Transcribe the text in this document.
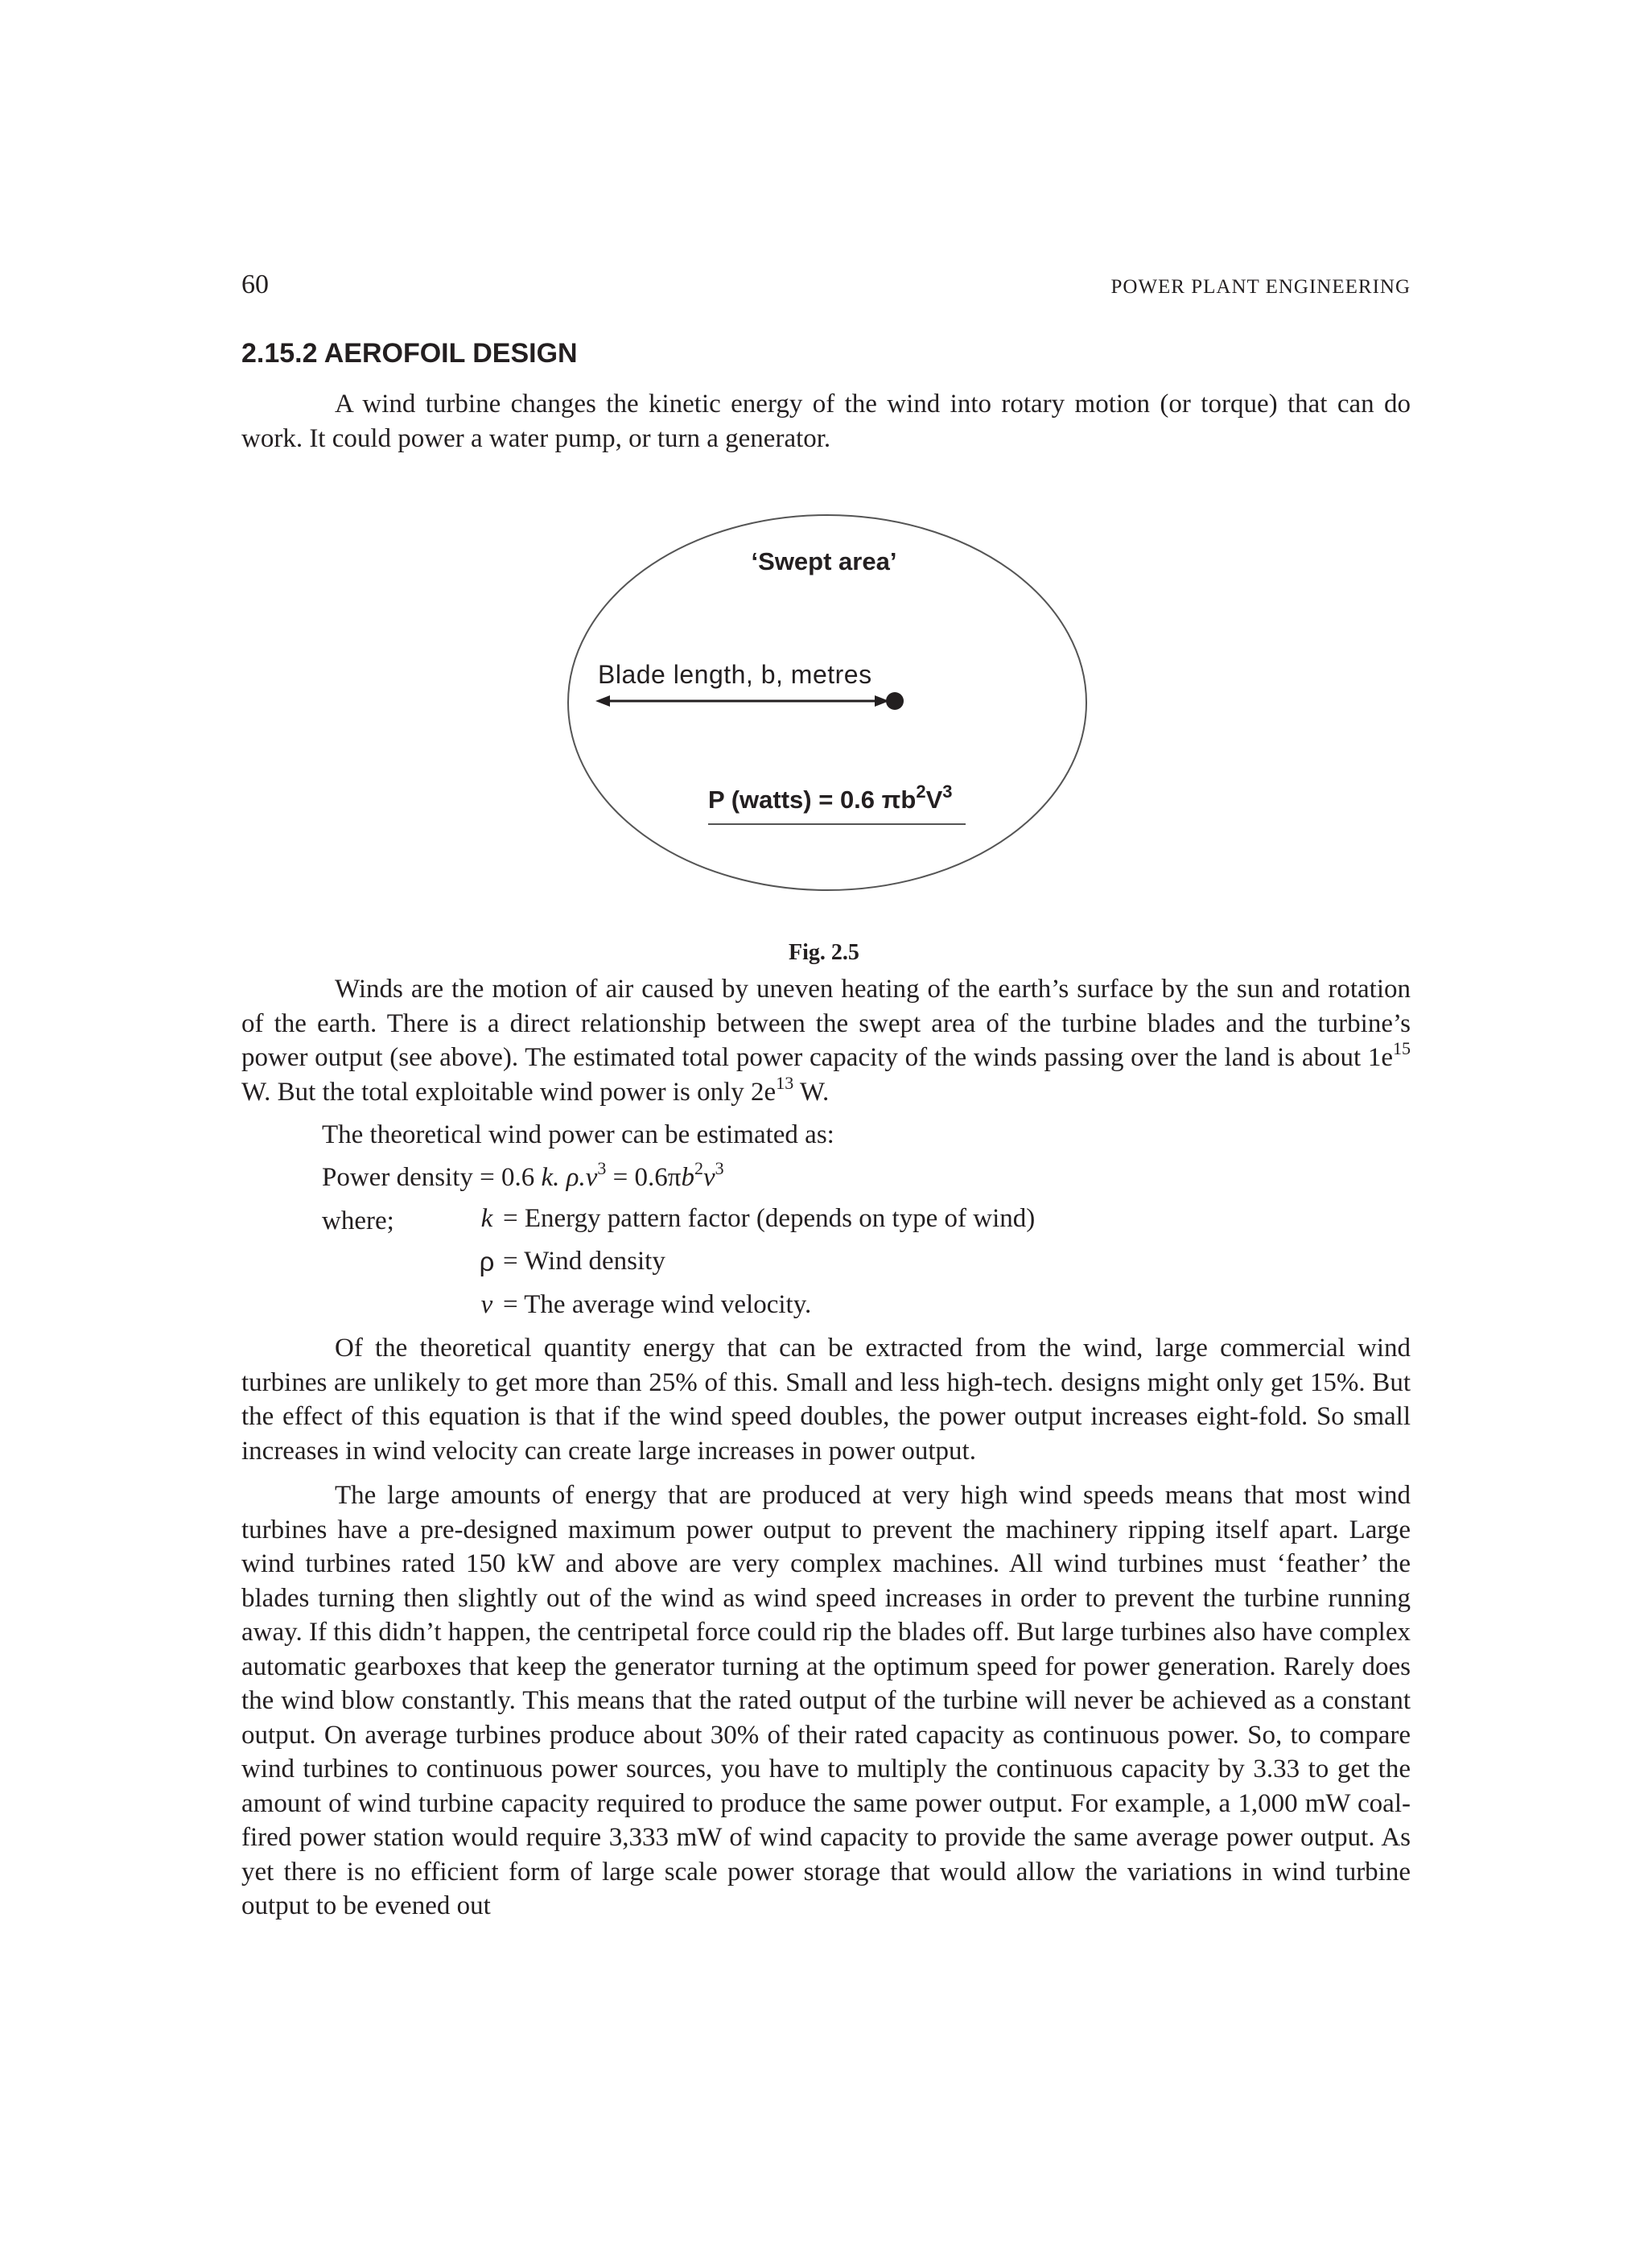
60	POWER PLANT ENGINEERING
2.15.2 AEROFOIL DESIGN
A wind turbine changes the kinetic energy of the wind into rotary motion (or torque) that can do work. It could power a water pump, or turn a generator.
‘Swept area’
Blade length, b, metres
P (watts) = 0.6 $\pi b^2V^3$
Fig. 2.5
Winds are the motion of air caused by uneven heating of the earth’s surface by the sun and rotation of the earth. There is a direct relationship between the swept area of the turbine blades and the turbine’s power output (see above). The estimated total power capacity of the winds passing over the land is about $1e^{15}$ W. But the total exploitable wind power is only $2e^{13}$ W.
The theoretical wind power can be estimated as:
Power density = 0.6 k. $\rho.v^3 = 0.6\pi b^2v^3$
where;	k = Energy pattern factor (depends on type of wind)
ρ = Wind density
v = The average wind velocity.
Of the theoretical quantity energy that can be extracted from the wind, large commercial wind turbines are unlikely to get more than 25% of this. Small and less high-tech. designs might only get 15%. But the effect of this equation is that if the wind speed doubles, the power output increases eight-fold. So small increases in wind velocity can create large increases in power output.
The large amounts of energy that are produced at very high wind speeds means that most wind turbines have a pre-designed maximum power output to prevent the machinery ripping itself apart. Large wind turbines rated 150 kW and above are very complex machines. All wind turbines must ‘feather’ the blades turning then slightly out of the wind as wind speed increases in order to prevent the turbine running away. If this didn’t happen, the centripetal force could rip the blades off. But large turbines also have complex automatic gearboxes that keep the generator turning at the optimum speed for power generation. Rarely does the wind blow constantly. This means that the rated output of the turbine will never be achieved as a constant output. On average turbines produce about 30% of their rated capacity as continuous power. So, to compare wind turbines to continuous power sources, you have to multiply the continuous capacity by 3.33 to get the amount of wind turbine capacity required to produce the same power output. For example, a 1,000 mW coal-fired power station would require 3,333 mW of wind capacity to provide the same average power output. As yet there is no efficient form of large scale power storage that would allow the variations in wind turbine output to be evened out
